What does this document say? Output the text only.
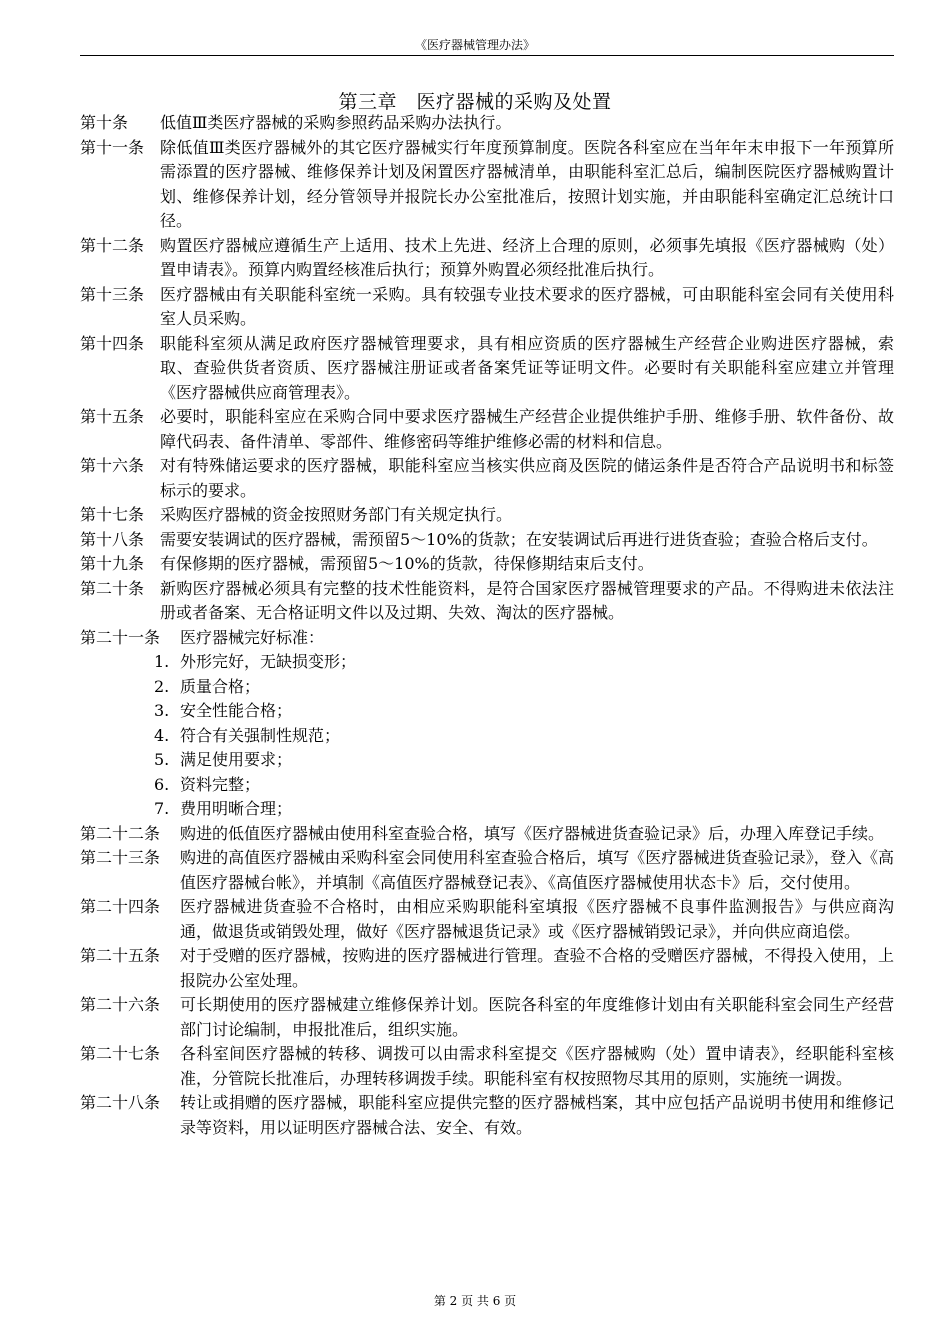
《医疗器械管理办法》
第三章　医疗器械的采购及处置
第十条	低值Ⅲ类医疗器械的采购参照药品采购办法执行。
第十一条 除低值Ⅲ类医疗器械外的其它医疗器械实行年度预算制度。医院各科室应在当年年末申报下一年预算所需添置的医疗器械、维修保养计划及闲置医疗器械清单，由职能科室汇总后，编制医院医疗器械购置计划、维修保养计划，经分管领导并报院长办公室批准后，按照计划实施，并由职能科室确定汇总统计口径。
第十二条 购置医疗器械应遵循生产上适用、技术上先进、经济上合理的原则，必须事先填报《医疗器械购（处）置申请表》。预算内购置经核准后执行；预算外购置必须经批准后执行。
第十三条 医疗器械由有关职能科室统一采购。具有较强专业技术要求的医疗器械，可由职能科室会同有关使用科室人员采购。
第十四条 职能科室须从满足政府医疗器械管理要求，具有相应资质的医疗器械生产经营企业购进医疗器械，索取、查验供货者资质、医疗器械注册证或者备案凭证等证明文件。必要时有关职能科室应建立并管理《医疗器械供应商管理表》。
第十五条 必要时，职能科室应在采购合同中要求医疗器械生产经营企业提供维护手册、维修手册、软件备份、故障代码表、备件清单、零部件、维修密码等维护维修必需的材料和信息。
第十六条 对有特殊储运要求的医疗器械，职能科室应当核实供应商及医院的储运条件是否符合产品说明书和标签标示的要求。
第十七条 采购医疗器械的资金按照财务部门有关规定执行。
第十八条 需要安装调试的医疗器械，需预留5～10%的货款；在安装调试后再进行进货查验；查验合格后支付。
第十九条 有保修期的医疗器械，需预留5～10%的货款，待保修期结束后支付。
第二十条 新购医疗器械必须具有完整的技术性能资料，是符合国家医疗器械管理要求的产品。不得购进未依法注册或者备案、无合格证明文件以及过期、失效、淘汰的医疗器械。
第二十一条	医疗器械完好标准：
1. 外形完好，无缺损变形；
2. 质量合格；
3. 安全性能合格；
4. 符合有关强制性规范；
5. 满足使用要求；
6. 资料完整；
7. 费用明晰合理；
第二十二条	购进的低值医疗器械由使用科室查验合格，填写《医疗器械进货查验记录》后，办理入库登记手续。
第二十三条	购进的高值医疗器械由采购科室会同使用科室查验合格后，填写《医疗器械进货查验记录》，登入《高值医疗器械台帐》，并填制《高值医疗器械登记表》、《高值医疗器械使用状态卡》后，交付使用。
第二十四条	医疗器械进货查验不合格时，由相应采购职能科室填报《医疗器械不良事件监测报告》与供应商沟通，做退货或销毁处理，做好《医疗器械退货记录》或《医疗器械销毁记录》，并向供应商追偿。
第二十五条	对于受赠的医疗器械，按购进的医疗器械进行管理。查验不合格的受赠医疗器械，不得投入使用，上报院办公室处理。
第二十六条	可长期使用的医疗器械建立维修保养计划。医院各科室的年度维修计划由有关职能科室会同生产经营部门讨论编制，申报批准后，组织实施。
第二十七条	各科室间医疗器械的转移、调拨可以由需求科室提交《医疗器械购（处）置申请表》，经职能科室核准，分管院长批准后，办理转移调拨手续。职能科室有权按照物尽其用的原则，实施统一调拨。
第二十八条	转让或捐赠的医疗器械，职能科室应提供完整的医疗器械档案，其中应包括产品说明书使用和维修记录等资料，用以证明医疗器械合法、安全、有效。
第 2 页 共 6 页
